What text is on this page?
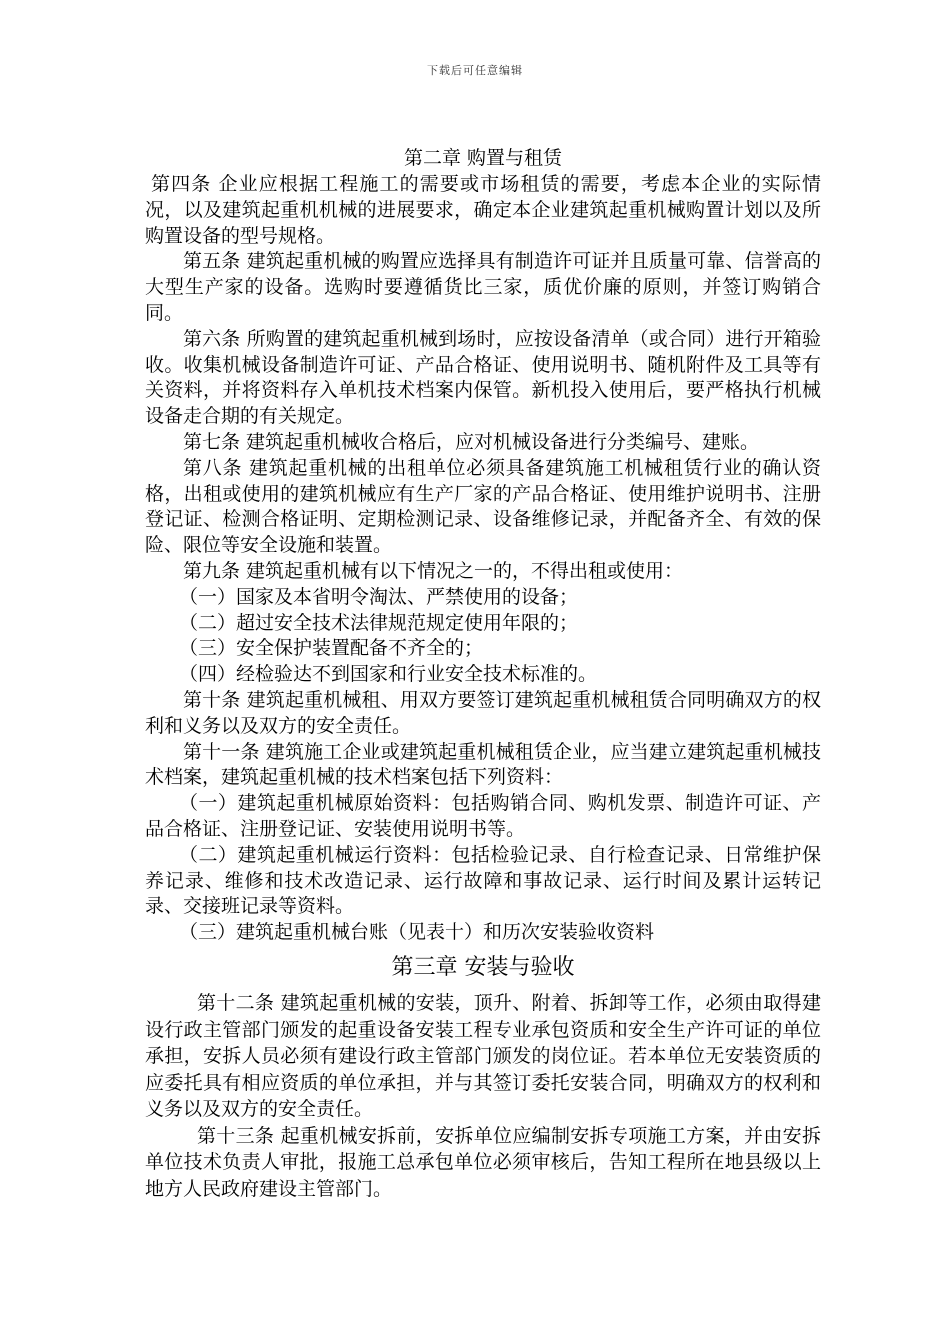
下载后可任意编辑
第二章 购置与租赁

第四条 企业应根据工程施工的需要或市场租赁的需要，考虑本企业的实际情况，以及建筑起重机机械的进展要求，确定本企业建筑起重机械购置计划以及所购置设备的型号规格。

第五条 建筑起重机械的购置应选择具有制造许可证并且质量可靠、信誉高的大型生产家的设备。选购时要遵循货比三家，质优价廉的原则，并签订购销合同。

第六条 所购置的建筑起重机械到场时，应按设备清单（或合同）进行开箱验收。收集机械设备制造许可证、产品合格证、使用说明书、随机附件及工具等有关资料，并将资料存入单机技术档案内保管。新机投入使用后，要严格执行机械设备走合期的有关规定。

第七条 建筑起重机械收合格后，应对机械设备进行分类编号、建账。

第八条 建筑起重机械的出租单位必须具备建筑施工机械租赁行业的确认资格，出租或使用的建筑机械应有生产厂家的产品合格证、使用维护说明书、注册登记证、检测合格证明、定期检测记录、设备维修记录，并配备齐全、有效的保险、限位等安全设施和装置。

第九条 建筑起重机械有以下情况之一的，不得出租或使用：

（一）国家及本省明令淘汰、严禁使用的设备；

（二）超过安全技术法律规范规定使用年限的；

（三）安全保护装置配备不齐全的；

（四）经检验达不到国家和行业安全技术标准的。

第十条 建筑起重机械租、用双方要签订建筑起重机械租赁合同明确双方的权利和义务以及双方的安全责任。

第十一条 建筑施工企业或建筑起重机械租赁企业，应当建立建筑起重机械技术档案，建筑起重机械的技术档案包括下列资料：

（一）建筑起重机械原始资料：包括购销合同、购机发票、制造许可证、产品合格证、注册登记证、安装使用说明书等。

（二）建筑起重机械运行资料：包括检验记录、自行检查记录、日常维护保养记录、维修和技术改造记录、运行故障和事故记录、运行时间及累计运转记录、交接班记录等资料。

（三）建筑起重机械台账（见表十）和历次安装验收资料

第三章 安装与验收

第十二条 建筑起重机械的安装，顶升、附着、拆卸等工作，必须由取得建设行政主管部门颁发的起重设备安装工程专业承包资质和安全生产许可证的单位承担，安拆人员必须有建设行政主管部门颁发的岗位证。若本单位无安装资质的应委托具有相应资质的单位承担，并与其签订委托安装合同，明确双方的权利和义务以及双方的安全责任。

第十三条 起重机械安拆前，安拆单位应编制安拆专项施工方案，并由安拆单位技术负责人审批，报施工总承包单位必须审核后，告知工程所在地县级以上地方人民政府建设主管部门。
